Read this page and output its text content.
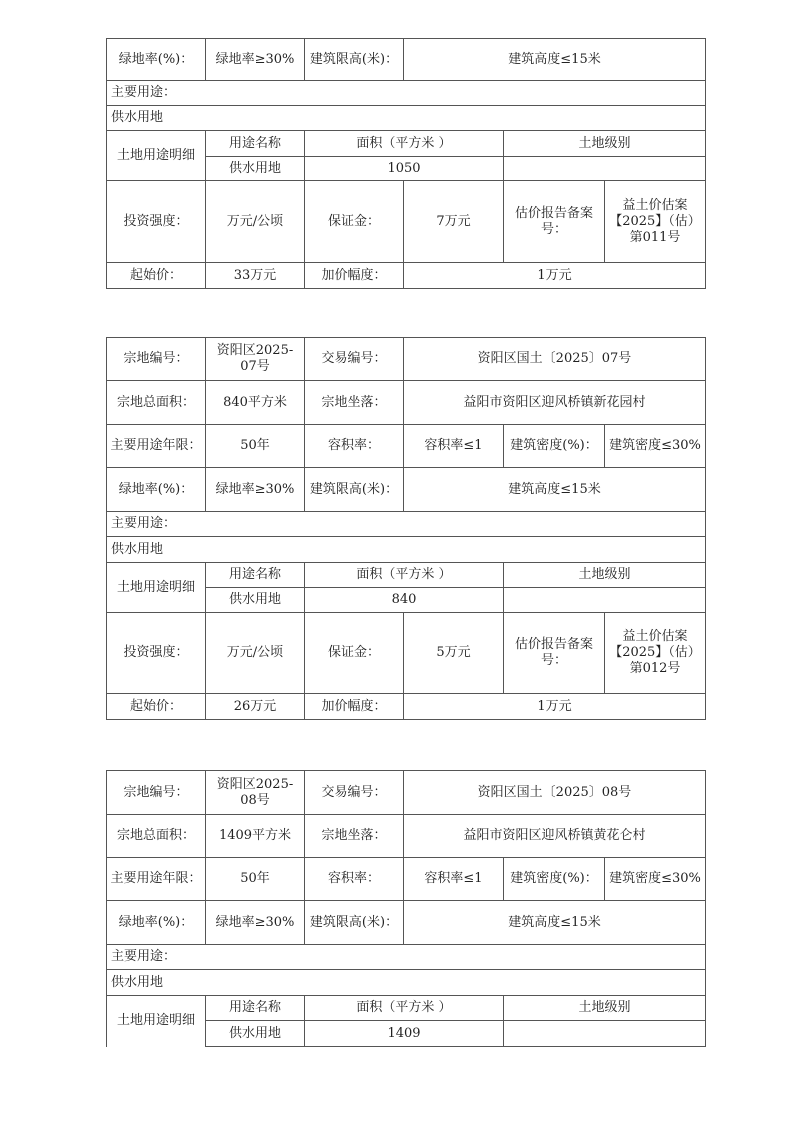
绿地率(%)：	绿地率≥30%	建筑限高(米)：	建筑高度≤15米		
主要用途：					
供水用地					
土地用途明细	用途名称	面积（平方米 ）		土地级别	
	供水用地	1050			
投资强度：	万元/公顷	保证金：	7万元	估价报告备案号：	益土价估案【2025】（估）第011号
起始价：	33万元	加价幅度：	1万元		
宗地编号：	资阳区2025-07号	交易编号：	资阳区国土〔2025〕07号		
宗地总面积：	840平方米	宗地坐落：	益阳市资阳区迎风桥镇新花园村		
主要用途年限：	50年	容积率：	容积率≤1	建筑密度(%)：	建筑密度≤30%
绿地率(%)：	绿地率≥30%	建筑限高(米)：	建筑高度≤15米		
主要用途：					
供水用地					
土地用途明细	用途名称	面积（平方米 ）		土地级别	
	供水用地	840			
投资强度：	万元/公顷	保证金：	5万元	估价报告备案号：	益土价估案【2025】（估）第012号
起始价：	26万元	加价幅度：	1万元		
宗地编号：	资阳区2025-08号	交易编号：	资阳区国土〔2025〕08号		
宗地总面积：	1409平方米	宗地坐落：	益阳市资阳区迎风桥镇黄花仑村		
主要用途年限：	50年	容积率：	容积率≤1	建筑密度(%)：	建筑密度≤30%
绿地率(%)：	绿地率≥30%	建筑限高(米)：	建筑高度≤15米		
主要用途：					
供水用地					
土地用途明细	用途名称	面积（平方米 ）		土地级别	
	供水用地	1409			
